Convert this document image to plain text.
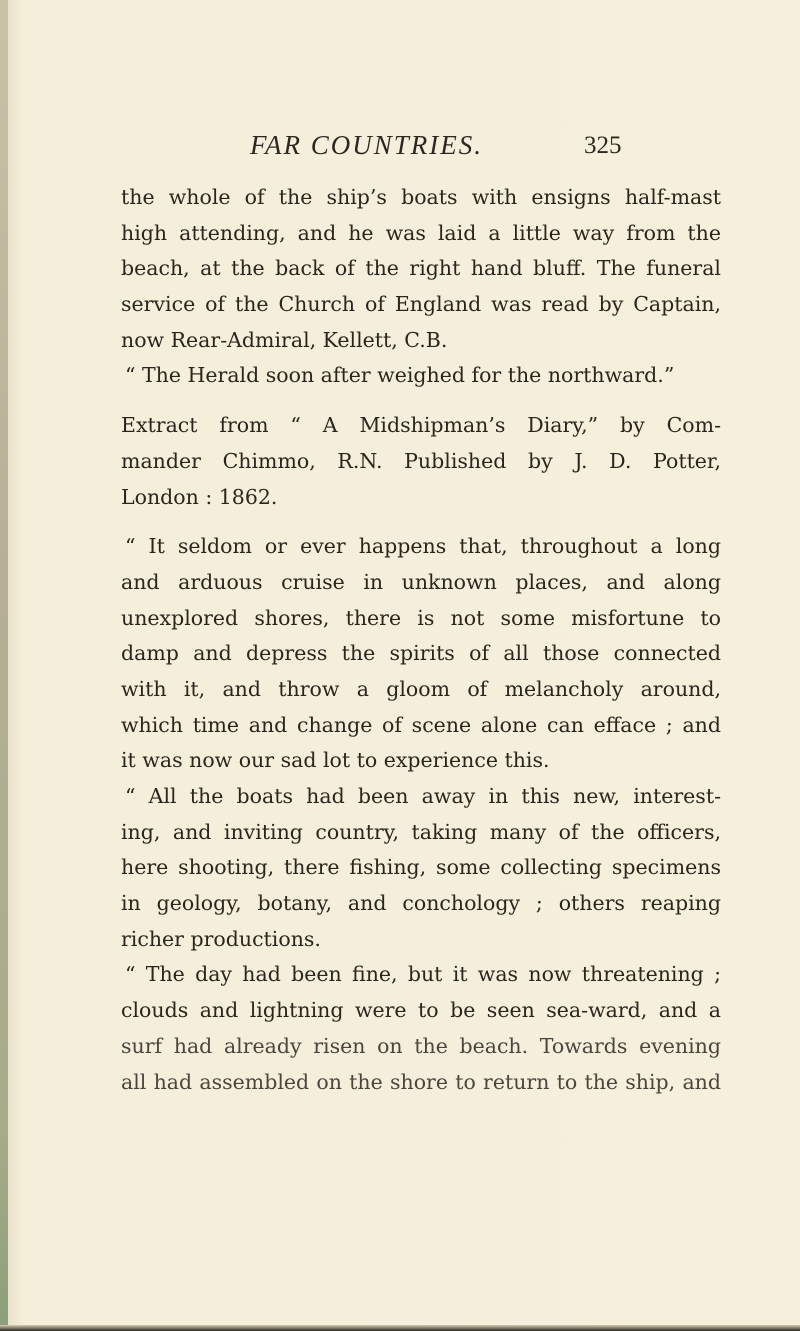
FAR COUNTRIES.	325
the whole of the ship’s boats with ensigns half-mast
high attending, and he was laid a little way from the
beach, at the back of the right hand bluff. The funeral
service of the Church of England was read by Captain,
now Rear-Admiral, Kellett, C.B.
“ The Herald soon after weighed for the northward.”
Extract from “ A Midshipman’s Diary,” by Com-
mander Chimmo, R.N. Published by J. D. Potter,
London : 1862.
“ It seldom or ever happens that, throughout a long
and arduous cruise in unknown places, and along
unexplored shores, there is not some misfortune to
damp and depress the spirits of all those connected
with it, and throw a gloom of melancholy around,
which time and change of scene alone can efface ; and
it was now our sad lot to experience this.
“ All the boats had been away in this new, interest-
ing, and inviting country, taking many of the officers,
here shooting, there fishing, some collecting specimens
in geology, botany, and conchology ; others reaping
richer productions.
“ The day had been fine, but it was now threatening ;
clouds and lightning were to be seen sea-ward, and a
surf had already risen on the beach. Towards evening
all had assembled on the shore to return to the ship, and
